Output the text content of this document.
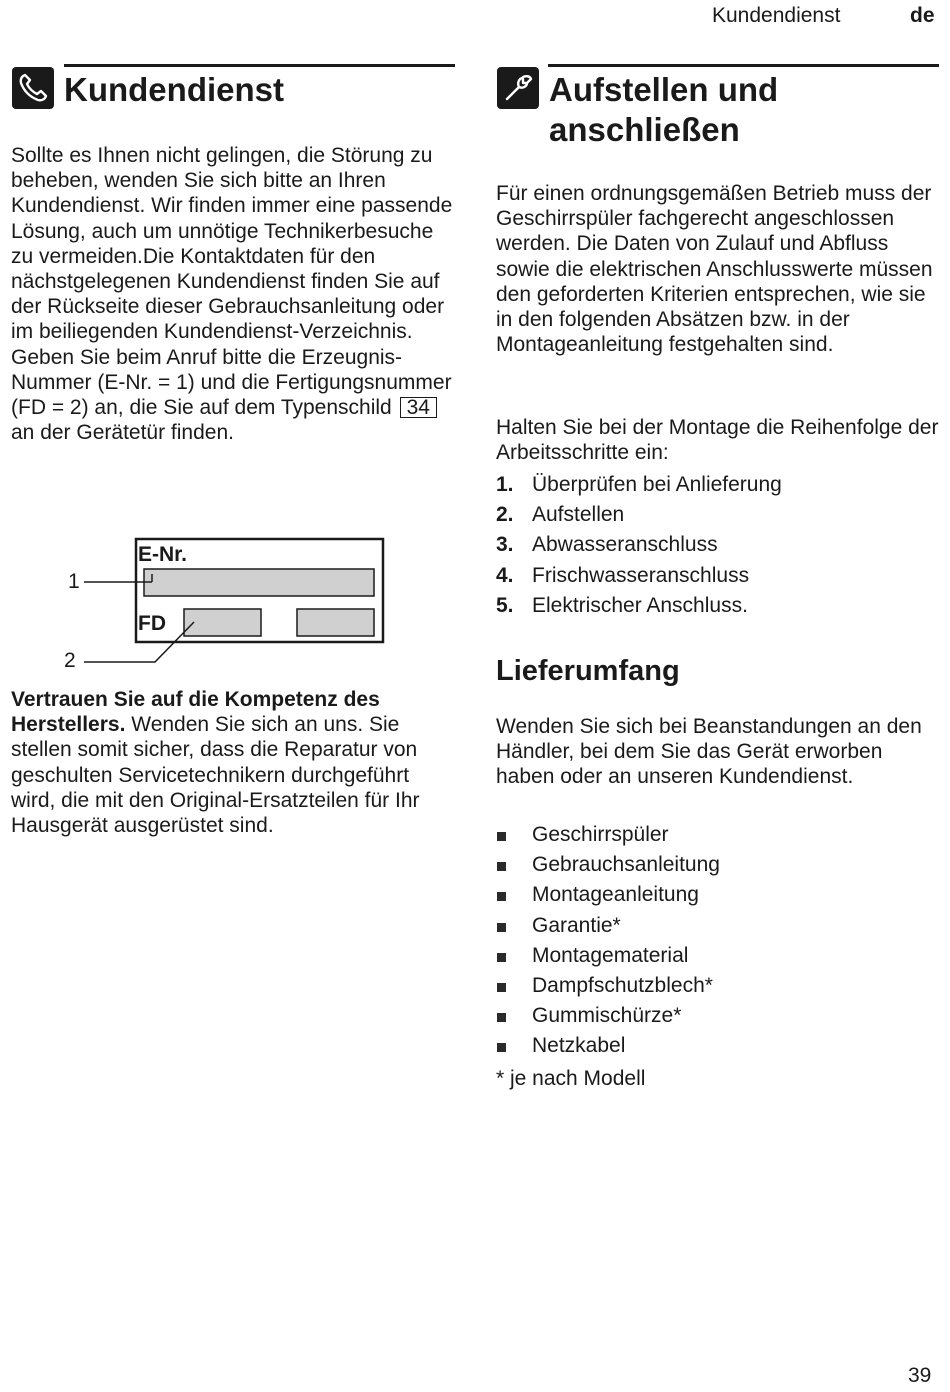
Kundendienst	de
Kundendienst

Sollte es Ihnen nicht gelingen, die Störung zu beheben, wenden Sie sich bitte an Ihren Kundendienst. Wir finden immer eine passende Lösung, auch um unnötige Technikerbesuche zu vermeiden.Die Kontaktdaten für den nächstgelegenen Kundendienst finden Sie auf der Rückseite dieser Gebrauchsanleitung oder im beiliegenden Kundendienst-Verzeichnis. Geben Sie beim Anruf bitte die Erzeugnis-Nummer (E-Nr. = 1) und die Fertigungsnummer (FD = 2) an, die Sie auf dem Typenschild 34 an der Gerätetür finden.

E-Nr.
FD
1
2

Vertrauen Sie auf die Kompetenz des Herstellers. Wenden Sie sich an uns. Sie stellen somit sicher, dass die Reparatur von geschulten Servicetechnikern durchgeführt wird, die mit den Original-Ersatzteilen für Ihr Hausgerät ausgerüstet sind.

Aufstellen und
anschließen

Für einen ordnungsgemäßen Betrieb muss der Geschirrspüler fachgerecht angeschlossen werden. Die Daten von Zulauf und Abfluss sowie die elektrischen Anschlusswerte müssen den geforderten Kriterien entsprechen, wie sie in den folgenden Absätzen bzw. in der Montageanleitung festgehalten sind.

Halten Sie bei der Montage die Reihenfolge der Arbeitsschritte ein:

1. Überprüfen bei Anlieferung
2. Aufstellen
3. Abwasseranschluss
4. Frischwasseranschluss
5. Elektrischer Anschluss.
Lieferumfang

Wenden Sie sich bei Beanstandungen an den Händler, bei dem Sie das Gerät erworben haben oder an unseren Kundendienst.

Geschirrspüler
Gebrauchsanleitung
Montageanleitung
Garantie*
Montagematerial
Dampfschutzblech*
Gummischürze*
Netzkabel
* je nach Modell
39
